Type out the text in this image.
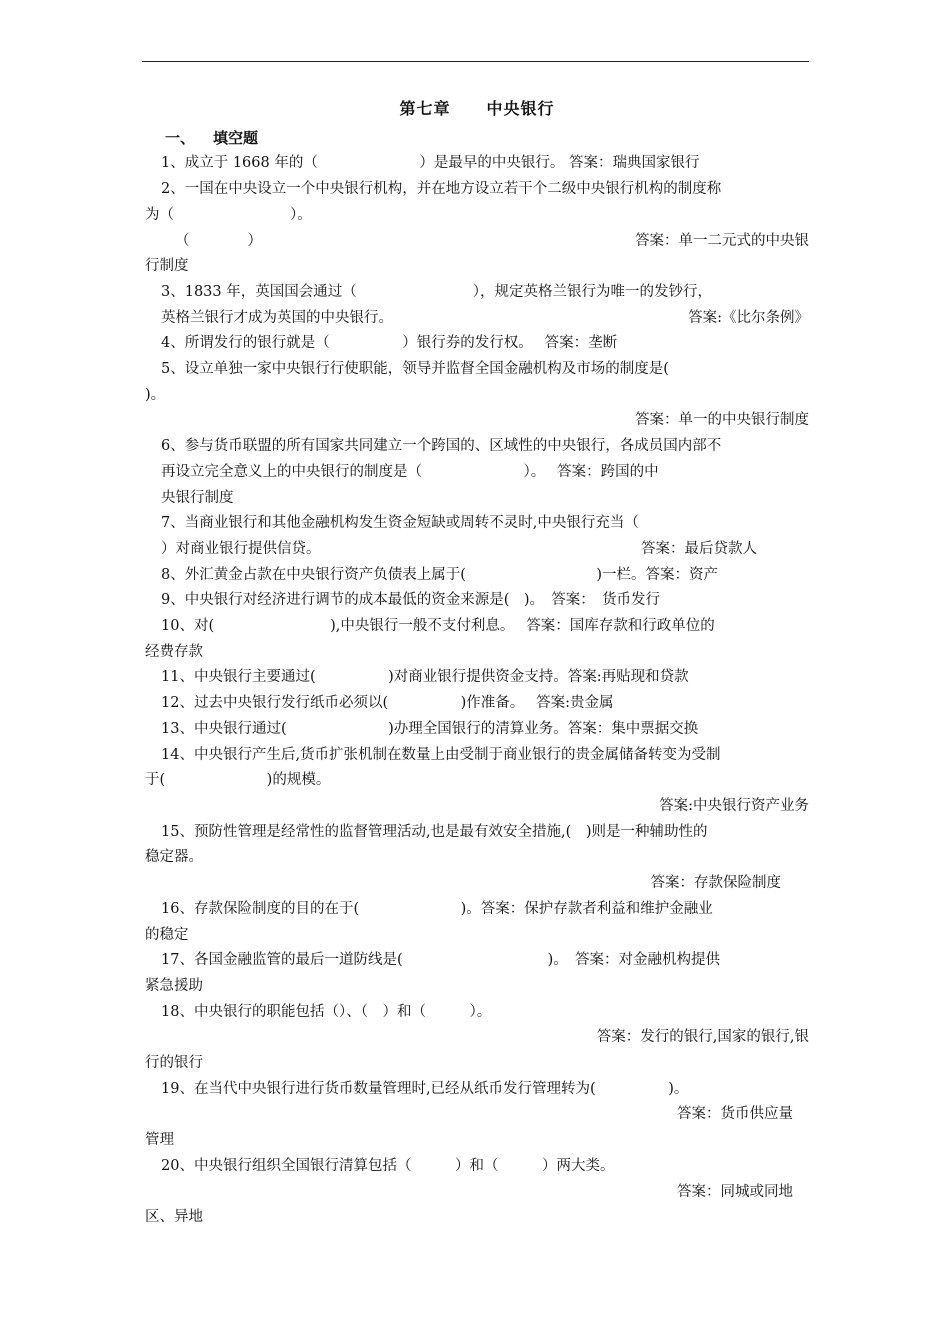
第七章 中央银行

一、 填空题

1、成立于 1668 年的（　　　　　　　）是最早的中央银行。 答案：瑞典国家银行

2、一国在中央设立一个中央银行机构，并在地方设立若干个二级中央银行机构的制度称

为（　　　　　　　　）。

（　　　　）	答案：单一二元式的中央银

行制度

3、1833 年，英国国会通过（　　　　　　　　），规定英格兰银行为唯一的发钞行，

英格兰银行才成为英国的中央银行。	答案:《比尔条例》

4、所谓发行的银行就是（　　　　　）银行券的发行权。　 答案：垄断

5、设立单独一家中央银行行使职能，领导并监督全国金融机构及市场的制度是(

)。

答案：单一的中央银行制度

6、参与货币联盟的所有国家共同建立一个跨国的、区域性的中央银行，各成员国内部不

再设立完全意义上的中央银行的制度是（　　　　　　　）。　 答案：跨国的中

央银行制度

7、当商业银行和其他金融机构发生资金短缺或周转不灵时,中央银行充当（

）对商业银行提供信贷。	答案：最后贷款人

8、外汇黄金占款在中央银行资产负债表上属于(　　　　　　　　　)一栏。答案：资产

9、中央银行对经济进行调节的成本最低的资金来源是(　)。　答案：　货币发行

10、对(　　　　　　　　),中央银行一般不支付利息。　 答案：国库存款和行政单位的

经费存款

11、中央银行主要通过(　　　　　)对商业银行提供资金支持。答案:再贴现和贷款

12、过去中央银行发行纸币必须以(　　　　　)作准备。　 答案:贵金属

13、中央银行通过(　　　　　　　)办理全国银行的清算业务。答案：集中票据交换

14、中央银行产生后,货币扩张机制在数量上由受制于商业银行的贵金属储备转变为受制

于(　　　　　　　)的规模。

答案:中央银行资产业务

15、预防性管理是经常性的监督管理活动,也是最有效安全措施,(　)则是一种辅助性的

稳定器。

答案：存款保险制度

16、存款保险制度的目的在于(　　　　　　　)。答案：保护存款者利益和维护金融业

的稳定

17、各国金融监管的最后一道防线是(　　　　　　　　　　)。　答案：对金融机构提供

紧急援助

18、中央银行的职能包括（）、（　）和（　　　）。

答案：发行的银行,国家的银行,银

行的银行

19、在当代中央银行进行货币数量管理时,已经从纸币发行管理转为(　　　　　)。

答案：货币供应量

管理

20、中央银行组织全国银行清算包括（　　　）和（　　　）两大类。

答案：同城或同地

区、异地
